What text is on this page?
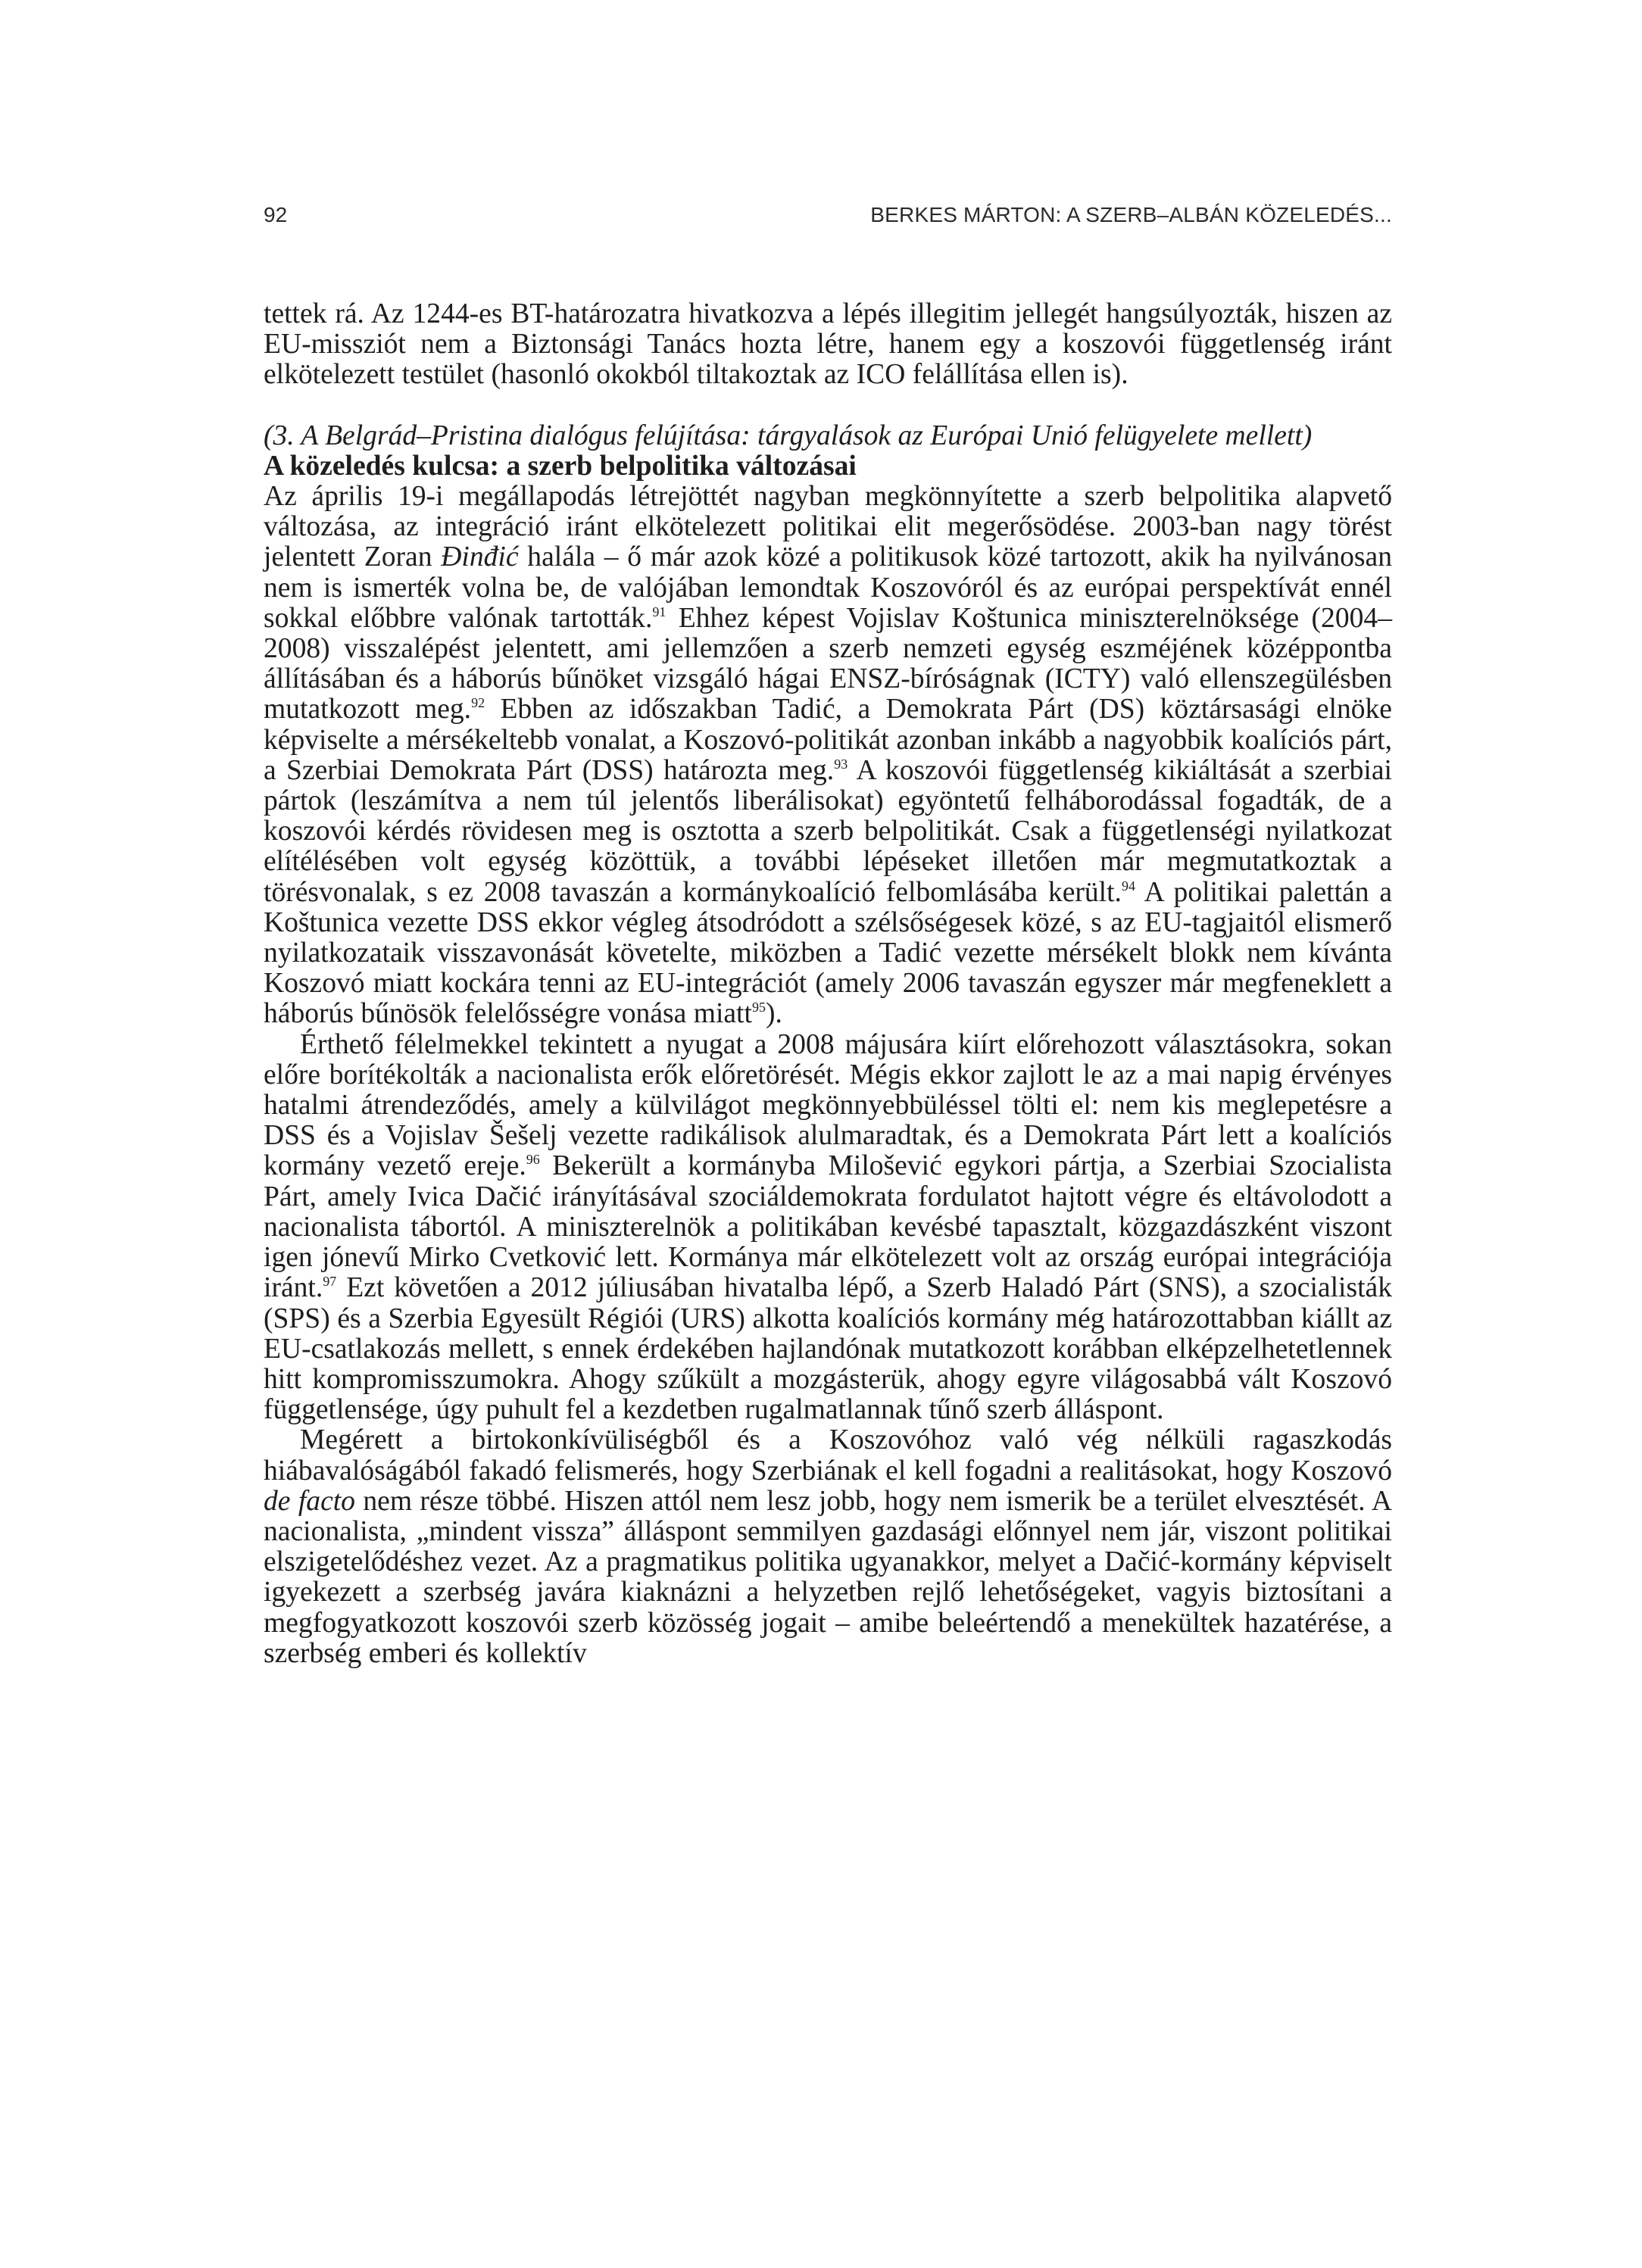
92	BERKES MÁRTON: A SZERB–ALBÁN KÖZELEDÉS...

tettek rá. Az 1244-es BT-határozatra hivatkozva a lépés illegitim jellegét hangsúlyozták, hiszen az EU-missziót nem a Biztonsági Tanács hozta létre, hanem egy a koszovói függetlenség iránt elkötelezett testület (hasonló okokból tiltakoztak az ICO felállítása ellen is).

(3. A Belgrád–Pristina dialógus felújítása: tárgyalások az Európai Unió felügyelete mellett)
A közeledés kulcsa: a szerb belpolitika változásai

Az április 19-i megállapodás létrejöttét nagyban megkönnyítette a szerb belpolitika alapvető változása, az integráció iránt elkötelezett politikai elit megerősödése. 2003-ban nagy törést jelentett Zoran Đinđić halála – ő már azok közé a politikusok közé tartozott, akik ha nyilvánosan nem is ismerték volna be, de valójában lemondtak Koszovóról és az európai perspektívát ennél sokkal előbbre valónak tartották.$^{91}$ Ehhez képest Vojislav Koštunica miniszterelnöksége (2004–2008) visszalépést jelentett, ami jellemzően a szerb nemzeti egység eszméjének középpontba állításában és a háborús bűnöket vizsgáló hágai ENSZ-bíróságnak (ICTY) való ellenszegülésben mutatkozott meg.$^{92}$ Ebben az időszakban Tadić, a Demokrata Párt (DS) köztársasági elnöke képviselte a mérsékeltebb vonalat, a Koszovó-politikát azonban inkább a nagyobbik koalíciós párt, a Szerbiai Demokrata Párt (DSS) határozta meg.$^{93}$ A koszovói függetlenség kikiáltását a szerbiai pártok (leszámítva a nem túl jelentős liberálisokat) egyöntetű felháborodással fogadták, de a koszovói kérdés rövidesen meg is osztotta a szerb belpolitikát. Csak a függetlenségi nyilatkozat elítélésében volt egység közöttük, a további lépéseket illetően már megmutatkoztak a törésvonalak, s ez 2008 tavaszán a kormánykoalíció felbomlásába került.$^{94}$ A politikai palettán a Koštunica vezette DSS ekkor végleg átsodródott a szélsőségesek közé, s az EU-tagjaitól elismerő nyilatkozataik visszavonását követelte, miközben a Tadić vezette mérsékelt blokk nem kívánta Koszovó miatt kockára tenni az EU-integrációt (amely 2006 tavaszán egyszer már megfeneklett a háborús bűnösök felelősségre vonása miatt$^{95}$).

Érthető félelmekkel tekintett a nyugat a 2008 májusára kiírt előrehozott választásokra, sokan előre borítékolták a nacionalista erők előretörését. Mégis ekkor zajlott le az a mai napig érvényes hatalmi átrendeződés, amely a külvilágot megkönnyebbüléssel tölti el: nem kis meglepetésre a DSS és a Vojislav Šešelj vezette radikálisok alulmaradtak, és a Demokrata Párt lett a koalíciós kormány vezető ereje.$^{96}$ Bekerült a kormányba Milošević egykori pártja, a Szerbiai Szocialista Párt, amely Ivica Dačić irányításával szociáldemokrata fordulatot hajtott végre és eltávolodott a nacionalista tábortól. A miniszterelnök a politikában kevésbé tapasztalt, közgazdászként viszont igen jónevű Mirko Cvetković lett. Kormánya már elkötelezett volt az ország európai integrációja iránt.$^{97}$ Ezt követően a 2012 júliusában hivatalba lépő, a Szerb Haladó Párt (SNS), a szocialisták (SPS) és a Szerbia Egyesült Régiói (URS) alkotta koalíciós kormány még határozottabban kiállt az EU-csatlakozás mellett, s ennek érdekében hajlandónak mutatkozott korábban elképzelhetetlennek hitt kompromisszumokra. Ahogy szűkült a mozgásterük, ahogy egyre világosabbá vált Koszovó függetlensége, úgy puhult fel a kezdetben rugalmatlannak tűnő szerb álláspont.

Megérett a birtokonkívüliségből és a Koszovóhoz való vég nélküli ragaszkodás hiábavalóságából fakadó felismerés, hogy Szerbiának el kell fogadni a realitásokat, hogy Koszovó de facto nem része többé. Hiszen attól nem lesz jobb, hogy nem ismerik be a terület elvesztését. A nacionalista, „mindent vissza” álláspont semmilyen gazdasági előnnyel nem jár, viszont politikai elszigetelődéshez vezet. Az a pragmatikus politika ugyanakkor, melyet a Dačić-kormány képviselt igyekezett a szerbség javára kiaknázni a helyzetben rejlő lehetőségeket, vagyis biztosítani a megfogyatkozott koszovói szerb közösség jogait – amibe beleértendő a menekültek hazatérése, a szerbség emberi és kollektív
